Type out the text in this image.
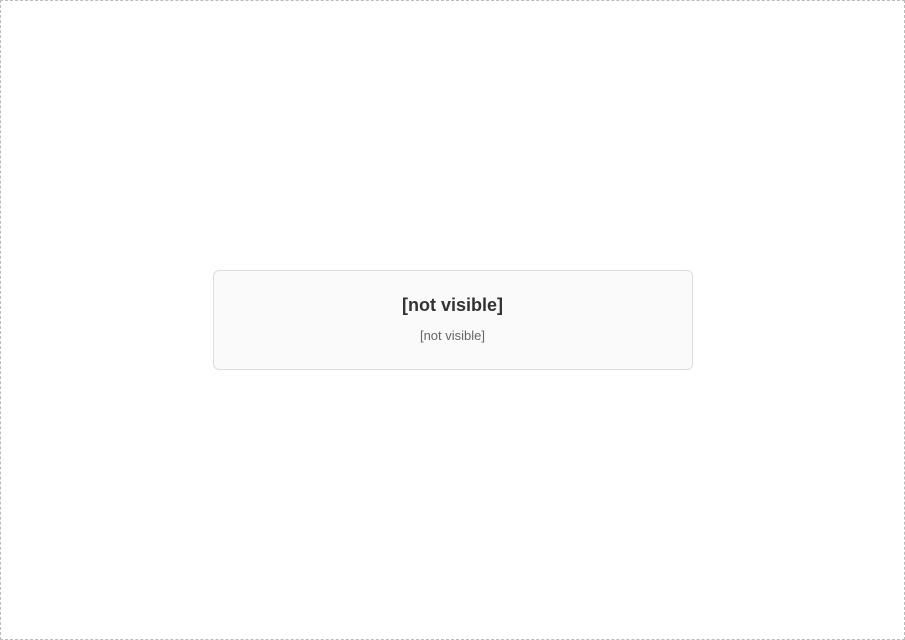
[not visible]
[not visible]
